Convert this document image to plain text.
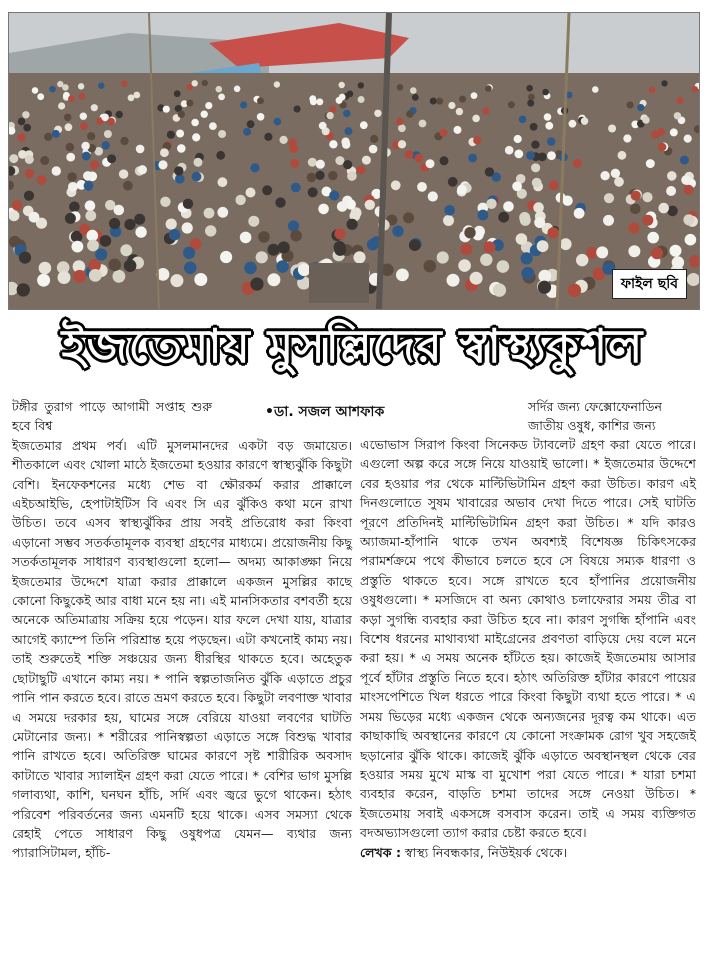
ফাইল ছবি
ইজতেমায় মুসল্লিদের স্বাস্থ্যকুশল
টঙ্গীর তুরাগ পাড়ে আগামী সপ্তাহ শুরু হবে বিশ্ব
ইজতেমার প্রথম পর্ব। এটি মুসলমানদের একটা বড় জমায়েত। শীতকালে এবং খোলা মাঠে ইজতেমা হওয়ার কারণে স্বাস্থ্যঝুঁকি কিছুটা বেশি। ইনফেকশনের মধ্যে শেভ বা ক্ষৌরকর্ম করার প্রাক্কালে এইচআইভি, হেপাটাইটিস বি এবং সি এর ঝুঁকিও কথা মনে রাখা উচিত। তবে এসব স্বাস্থ্যঝুঁকির প্রায় সবই প্রতিরোধ করা কিংবা এড়ানো সম্ভব সতর্কতামূলক ব্যবস্থা গ্রহণের মাধ্যমে। প্রয়োজনীয় কিছু সতর্কতামূলক সাধারণ ব্যবস্থাগুলো হলো— অদম্য আকাঙ্ক্ষা নিয়ে ইজতেমার উদ্দেশে যাত্রা করার প্রাক্কালে একজন মুসল্লির কাছে কোনো কিছুকেই আর বাধা মনে হয় না। এই মানসিকতার বশবর্তী হয়ে অনেকে অতিমাত্রায় সক্রিয় হয়ে পড়েন। যার ফলে দেখা যায়, যাত্রার আগেই ক্যাম্পে তিনি পরিশ্রান্ত হয়ে পড়ছেন। এটা কখনোই কাম্য নয়। তাই শুরুতেই শক্তি সঞ্চয়ের জন্য ধীরস্থির থাকতে হবে। অহেতুক ছোটাছুটি এখানে কাম্য নয়। * পানি স্বল্পতাজনিত ঝুঁকি এড়াতে প্রচুর পানি পান করতে হবে। রাতে ভ্রমণ করতে হবে। কিছুটা লবণাক্ত খাবার এ সময়ে দরকার হয়, ঘামের সঙ্গে বেরিয়ে যাওয়া লবণের ঘাটতি মেটানোর জন্য। * শরীরের পানিস্বল্পতা এড়াতে সঙ্গে বিশুদ্ধ খাবার পানি রাখতে হবে। অতিরিক্ত ঘামের কারণে সৃষ্ট শারীরিক অবসাদ কাটাতে খাবার স্যালাইন গ্রহণ করা যেতে পারে। * বেশির ভাগ মুসল্লি গলাব্যথা, কাশি, ঘনঘন হাঁচি, সর্দি এবং জ্বরে ভুগে থাকেন। হঠাৎ পরিবেশ পরিবর্তনের জন্য এমনটি হয়ে থাকে। এসব সমস্যা থেকে রেহাই পেতে সাধারণ কিছু ওষুধপত্র যেমন— ব্যথার জন্য প্যারাসিটামল, হাঁচি-
• ডা. সজল আশফাক	সর্দির জন্য ফেক্সোফেনাডিন জাতীয় ওষুধ, কাশির জন্য
এভোভাস সিরাপ কিংবা সিনেকড ট্যাবলেট গ্রহণ করা যেতে পারে। এগুলো অল্প করে সঙ্গে নিয়ে যাওয়াই ভালো। * ইজতেমার উদ্দেশে বের হওয়ার পর থেকে মাল্টিভিটামিন গ্রহণ করা উচিত। কারণ এই দিনগুলোতে সুষম খাবারের অভাব দেখা দিতে পারে। সেই ঘাটতি পূরণে প্রতিদিনই মাল্টিভিটামিন গ্রহণ করা উচিত। * যদি কারও অ্যাজমা-হাঁপানি থাকে তখন অবশ্যই বিশেষজ্ঞ চিকিৎসকের পরামর্শক্রমে পথে কীভাবে চলতে হবে সে বিষয়ে সম্যক ধারণা ও প্রস্তুতি থাকতে হবে। সঙ্গে রাখতে হবে হাঁপানির প্রয়োজনীয় ওষুধগুলো। * মসজিদে বা অন্য কোথাও চলাফেরার সময় তীব্র বা কড়া সুগন্ধি ব্যবহার করা উচিত হবে না। কারণ সুগন্ধি হাঁপানি এবং বিশেষ ধরনের মাথাব্যথা মাইগ্রেনের প্রবণতা বাড়িয়ে দেয় বলে মনে করা হয়। * এ সময় অনেক হাঁটতে হয়। কাজেই ইজতেমায় আসার পূর্বে হাঁটার প্রস্তুতি নিতে হবে। হঠাৎ অতিরিক্ত হাঁটার কারণে পায়ের মাংসপেশিতে খিল ধরতে পারে কিংবা কিছুটা ব্যথা হতে পারে। * এ সময় ভিড়ের মধ্যে একজন থেকে অন্যজনের দূরত্ব কম থাকে। এত কাছাকাছি অবস্থানের কারণে যে কোনো সংক্রামক রোগ খুব সহজেই ছড়ানোর ঝুঁকি থাকে। কাজেই ঝুঁকি এড়াতে অবস্থানস্থল থেকে বের হওয়ার সময় মুখে মাস্ক বা মুখোশ পরা যেতে পারে। * যারা চশমা ব্যবহার করেন, বাড়তি চশমা তাদের সঙ্গে নেওয়া উচিত। * ইজতেমায় সবাই একসঙ্গে বসবাস করেন। তাই এ সময় ব্যক্তিগত বদঅভ্যাসগুলো ত্যাগ করার চেষ্টা করতে হবে।
লেখক : স্বাস্থ্য নিবন্ধকার, নিউইয়র্ক থেকে।
